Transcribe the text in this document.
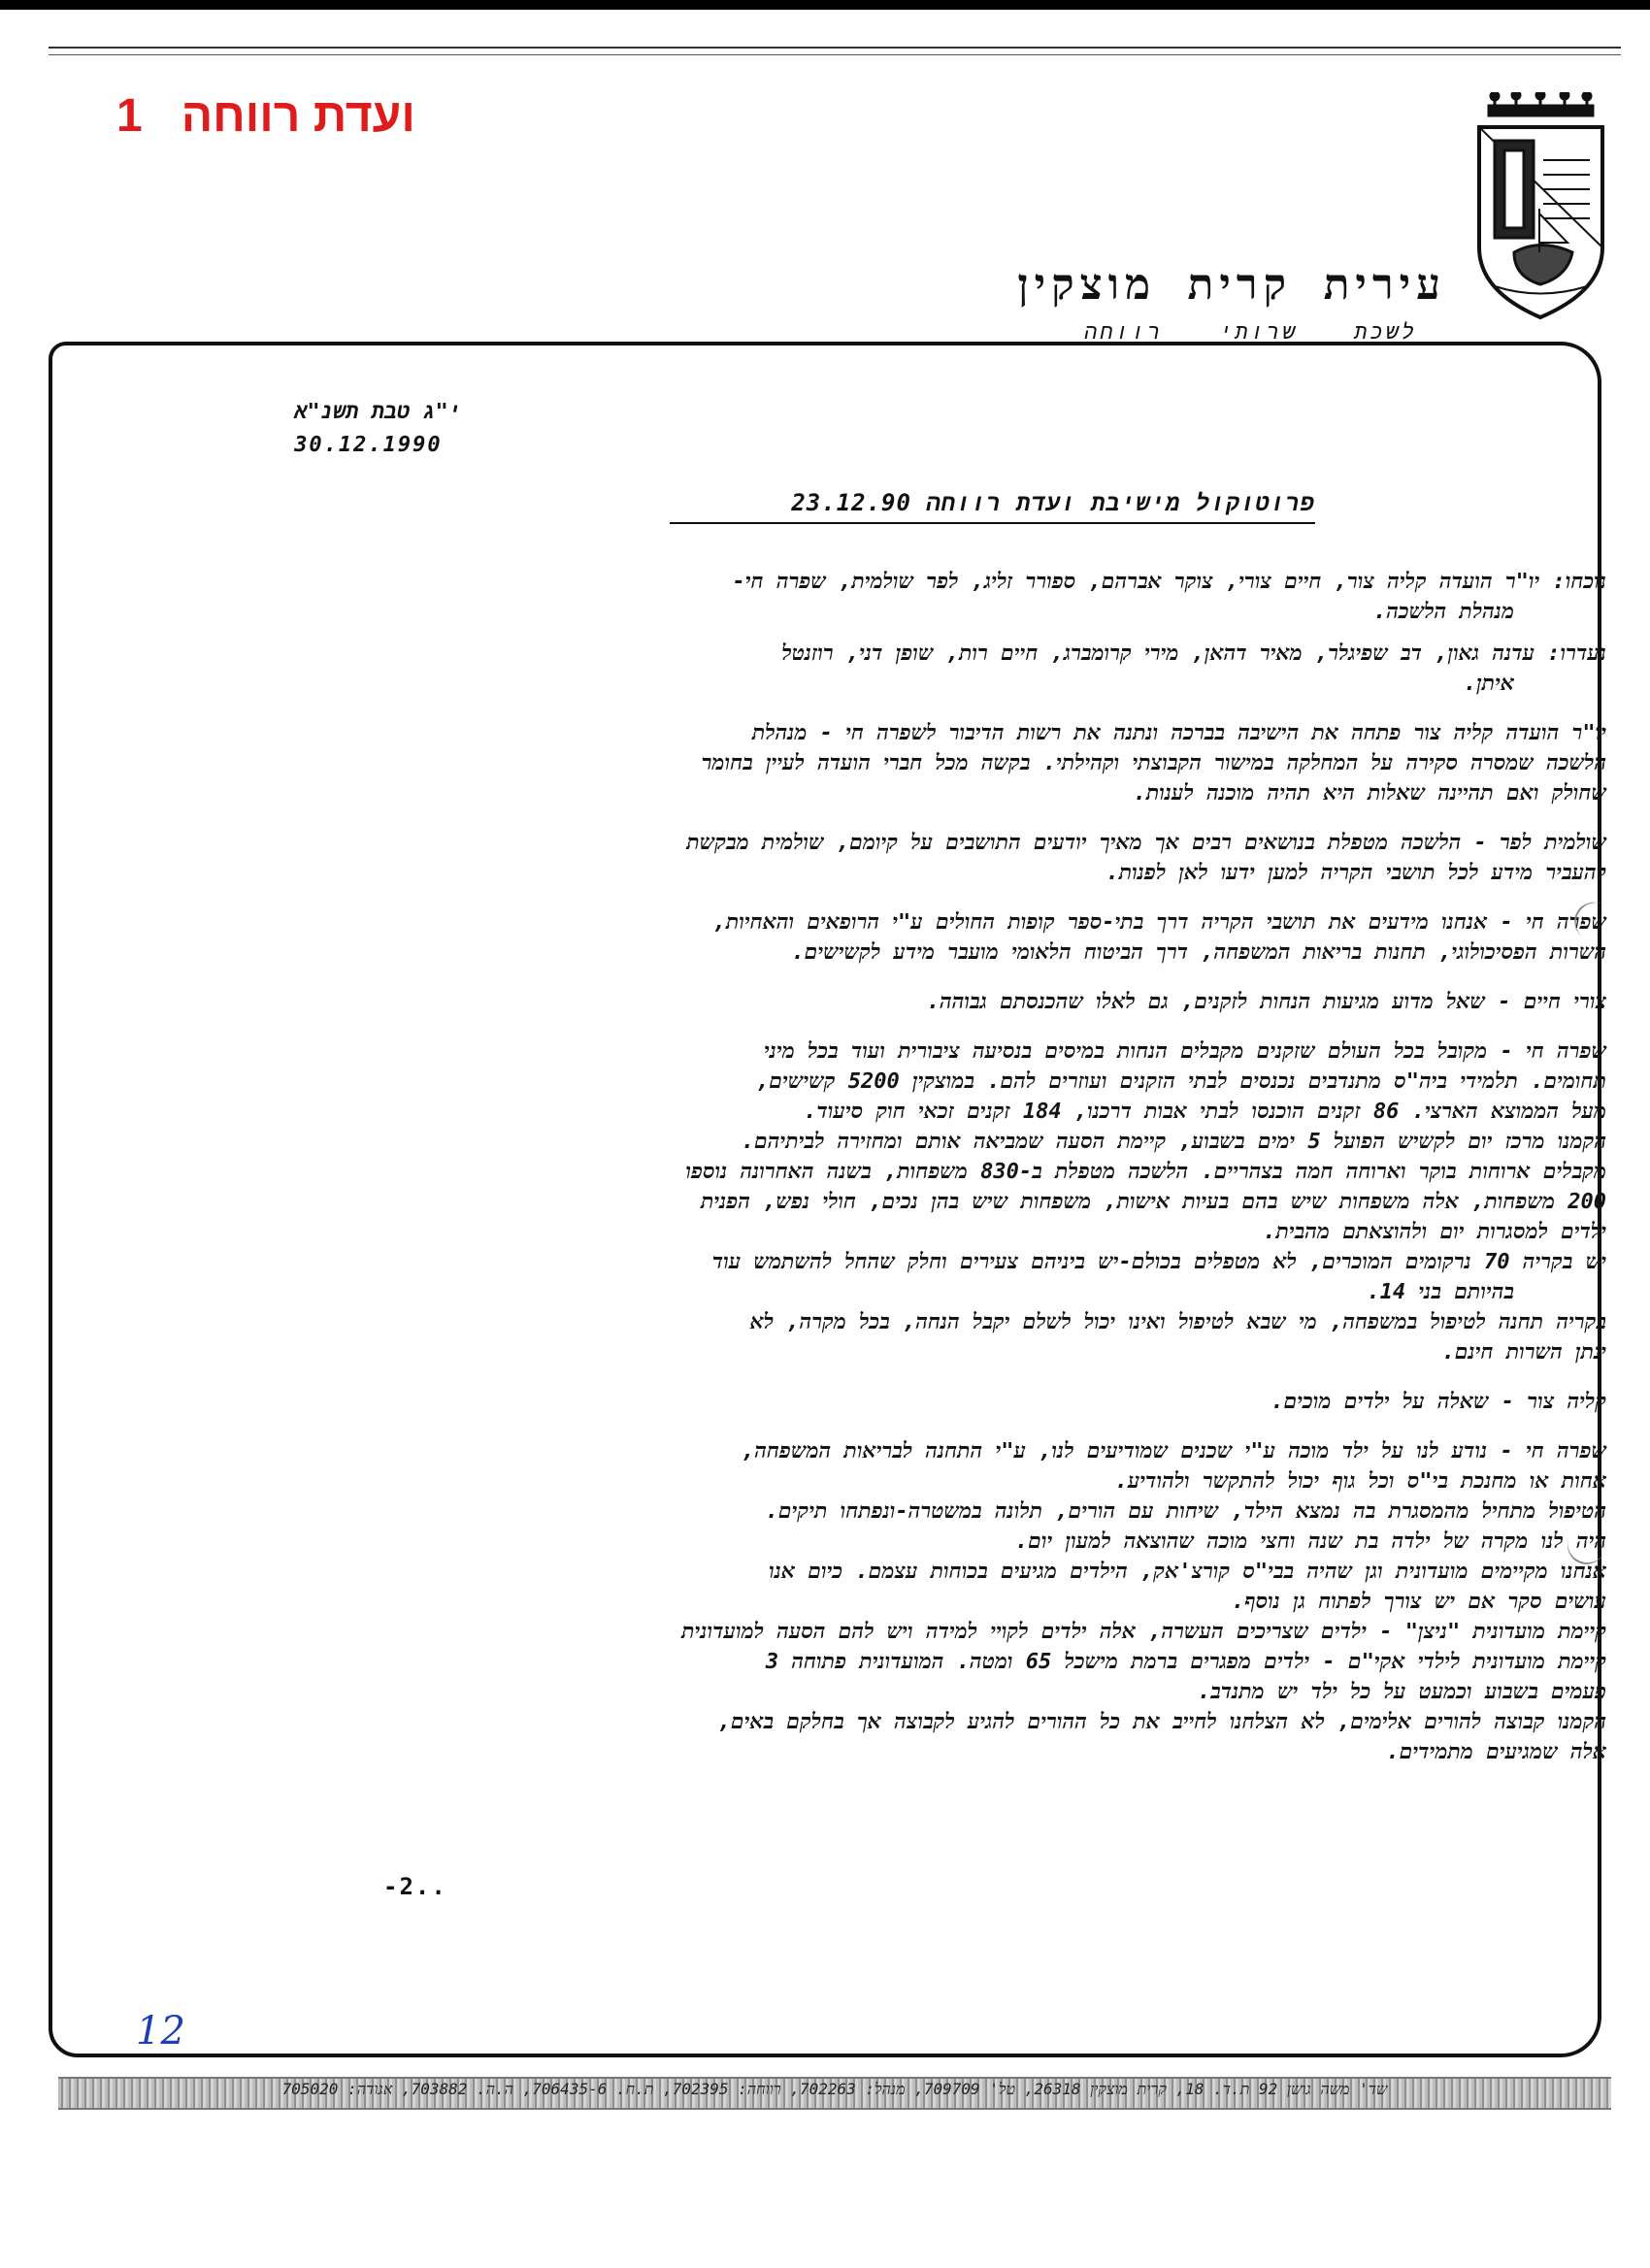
ועדת רווחה1
עירית קרית מוצקין
לשכתשרותירווחה
י"ג טבת תשנ"א
30.12.1990
פרוטוקול מישיבת ועדת רווחה 23.12.90

נוכחו: יו"ר הועדה קליה צור, חיים צורי, צוקר אברהם, ספורר זליג, לפר שולמית, שפרה חי-

מנהלת הלשכה.

נעדרו: עדנה גאון, דב שפיגלר, מאיר דהאן, מירי קרומברג, חיים רות, שופן דני, רוזנטל

איתן.

יו"ר הועדה קליה צור פתחה את הישיבה בברכה ונתנה את רשות הדיבור לשפרה חי - מנהלת

הלשכה שמסרה סקירה על המחלקה במישור הקבוצתי וקהילתי. בקשה מכל חברי הועדה לעיין בחומר

שחולק ואם תהיינה שאלות היא תהיה מוכנה לענות.

שולמית לפר - הלשכה מטפלת בנושאים רבים אך מאיך יודעים התושבים על קיומם, שולמית מבקשת

להעביר מידע לכל תושבי הקריה למען ידעו לאן לפנות.

שפרה חי - אנחנו מידעים את תושבי הקריה דרך בתי-ספר קופות החולים ע"י הרופאים והאחיות,

השרות הפסיכולוגי, תחנות בריאות המשפחה, דרך הביטוח הלאומי מועבר מידע לקשישים.

צורי חיים - שאל מדוע מגיעות הנחות לזקנים, גם לאלו שהכנסתם גבוהה.

שפרה חי - מקובל בכל העולם שזקנים מקבלים הנחות במיסים בנסיעה ציבורית ועוד בכל מיני

תחומים. תלמידי ביה"ס מתנדבים נכנסים לבתי הזקנים ועוזרים להם. במוצקין 5200 קשישים,

מעל הממוצא הארצי. 86 זקנים הוכנסו לבתי אבות דרכנו, 184 זקנים זכאי חוק סיעוד.

הקמנו מרכז יום לקשיש הפועל 5 ימים בשבוע, קיימת הסעה שמביאה אותם ומחזירה לביתיהם.

מקבלים ארוחות בוקר וארוחה חמה בצהריים. הלשכה מטפלת ב-830 משפחות, בשנה האחרונה נוספו

200 משפחות, אלה משפחות שיש בהם בעיות אישות, משפחות שיש בהן נכים, חולי נפש, הפנית

ילדים למסגרות יום ולהוצאתם מהבית.

יש בקריה 70 נרקומים המוכרים, לא מטפלים בכולם-יש ביניהם צעירים וחלק שהחל להשתמש עוד

בהיותם בני 14.

בקריה תחנה לטיפול במשפחה, מי שבא לטיפול ואינו יכול לשלם יקבל הנחה, בכל מקרה, לא

ינתן השרות חינם.

קליה צור - שאלה על ילדים מוכים.

שפרה חי - נודע לנו על ילד מוכה ע"י שכנים שמודיעים לנו, ע"י התחנה לבריאות המשפחה,

אחות או מחנכת בי"ס וכל גוף יכול להתקשר ולהודיע.

הטיפול מתחיל מהמסגרת בה נמצא הילד, שיחות עם הורים, תלונה במשטרה-ונפתחו תיקים.

היה לנו מקרה של ילדה בת שנה וחצי מוכה שהוצאה למעון יום.

אנחנו מקיימים מועדונית וגן שהיה בבי"ס קורצ'אק, הילדים מגיעים בכוחות עצמם. כיום אנו

עושים סקר אם יש צורך לפתוח גן נוסף.

קיימת מועדונית "ניצן" - ילדים שצריכים העשרה, אלה ילדים לקויי למידה ויש להם הסעה למועדונית

קיימת מועדונית לילדי אקי"ם - ילדים מפגרים ברמת מישכל 65 ומטה. המועדונית פתוחה 3

פעמים בשבוע וכמעט על כל ילד יש מתנדב.

הקמנו קבוצה להורים אלימים, לא הצלחנו לחייב את כל ההורים להגיע לקבוצה אך בחלקם באים,

אלה שמגיעים מתמידים.

-2..
12
שד' משה גושן 92 ת.ד. 18, קרית מוצקין 26318, טל' 709709, מנהל: 702263, רווחה: 702395, ת.ח. 706435-6, ה.ה. 703882, אגודה: 705020
